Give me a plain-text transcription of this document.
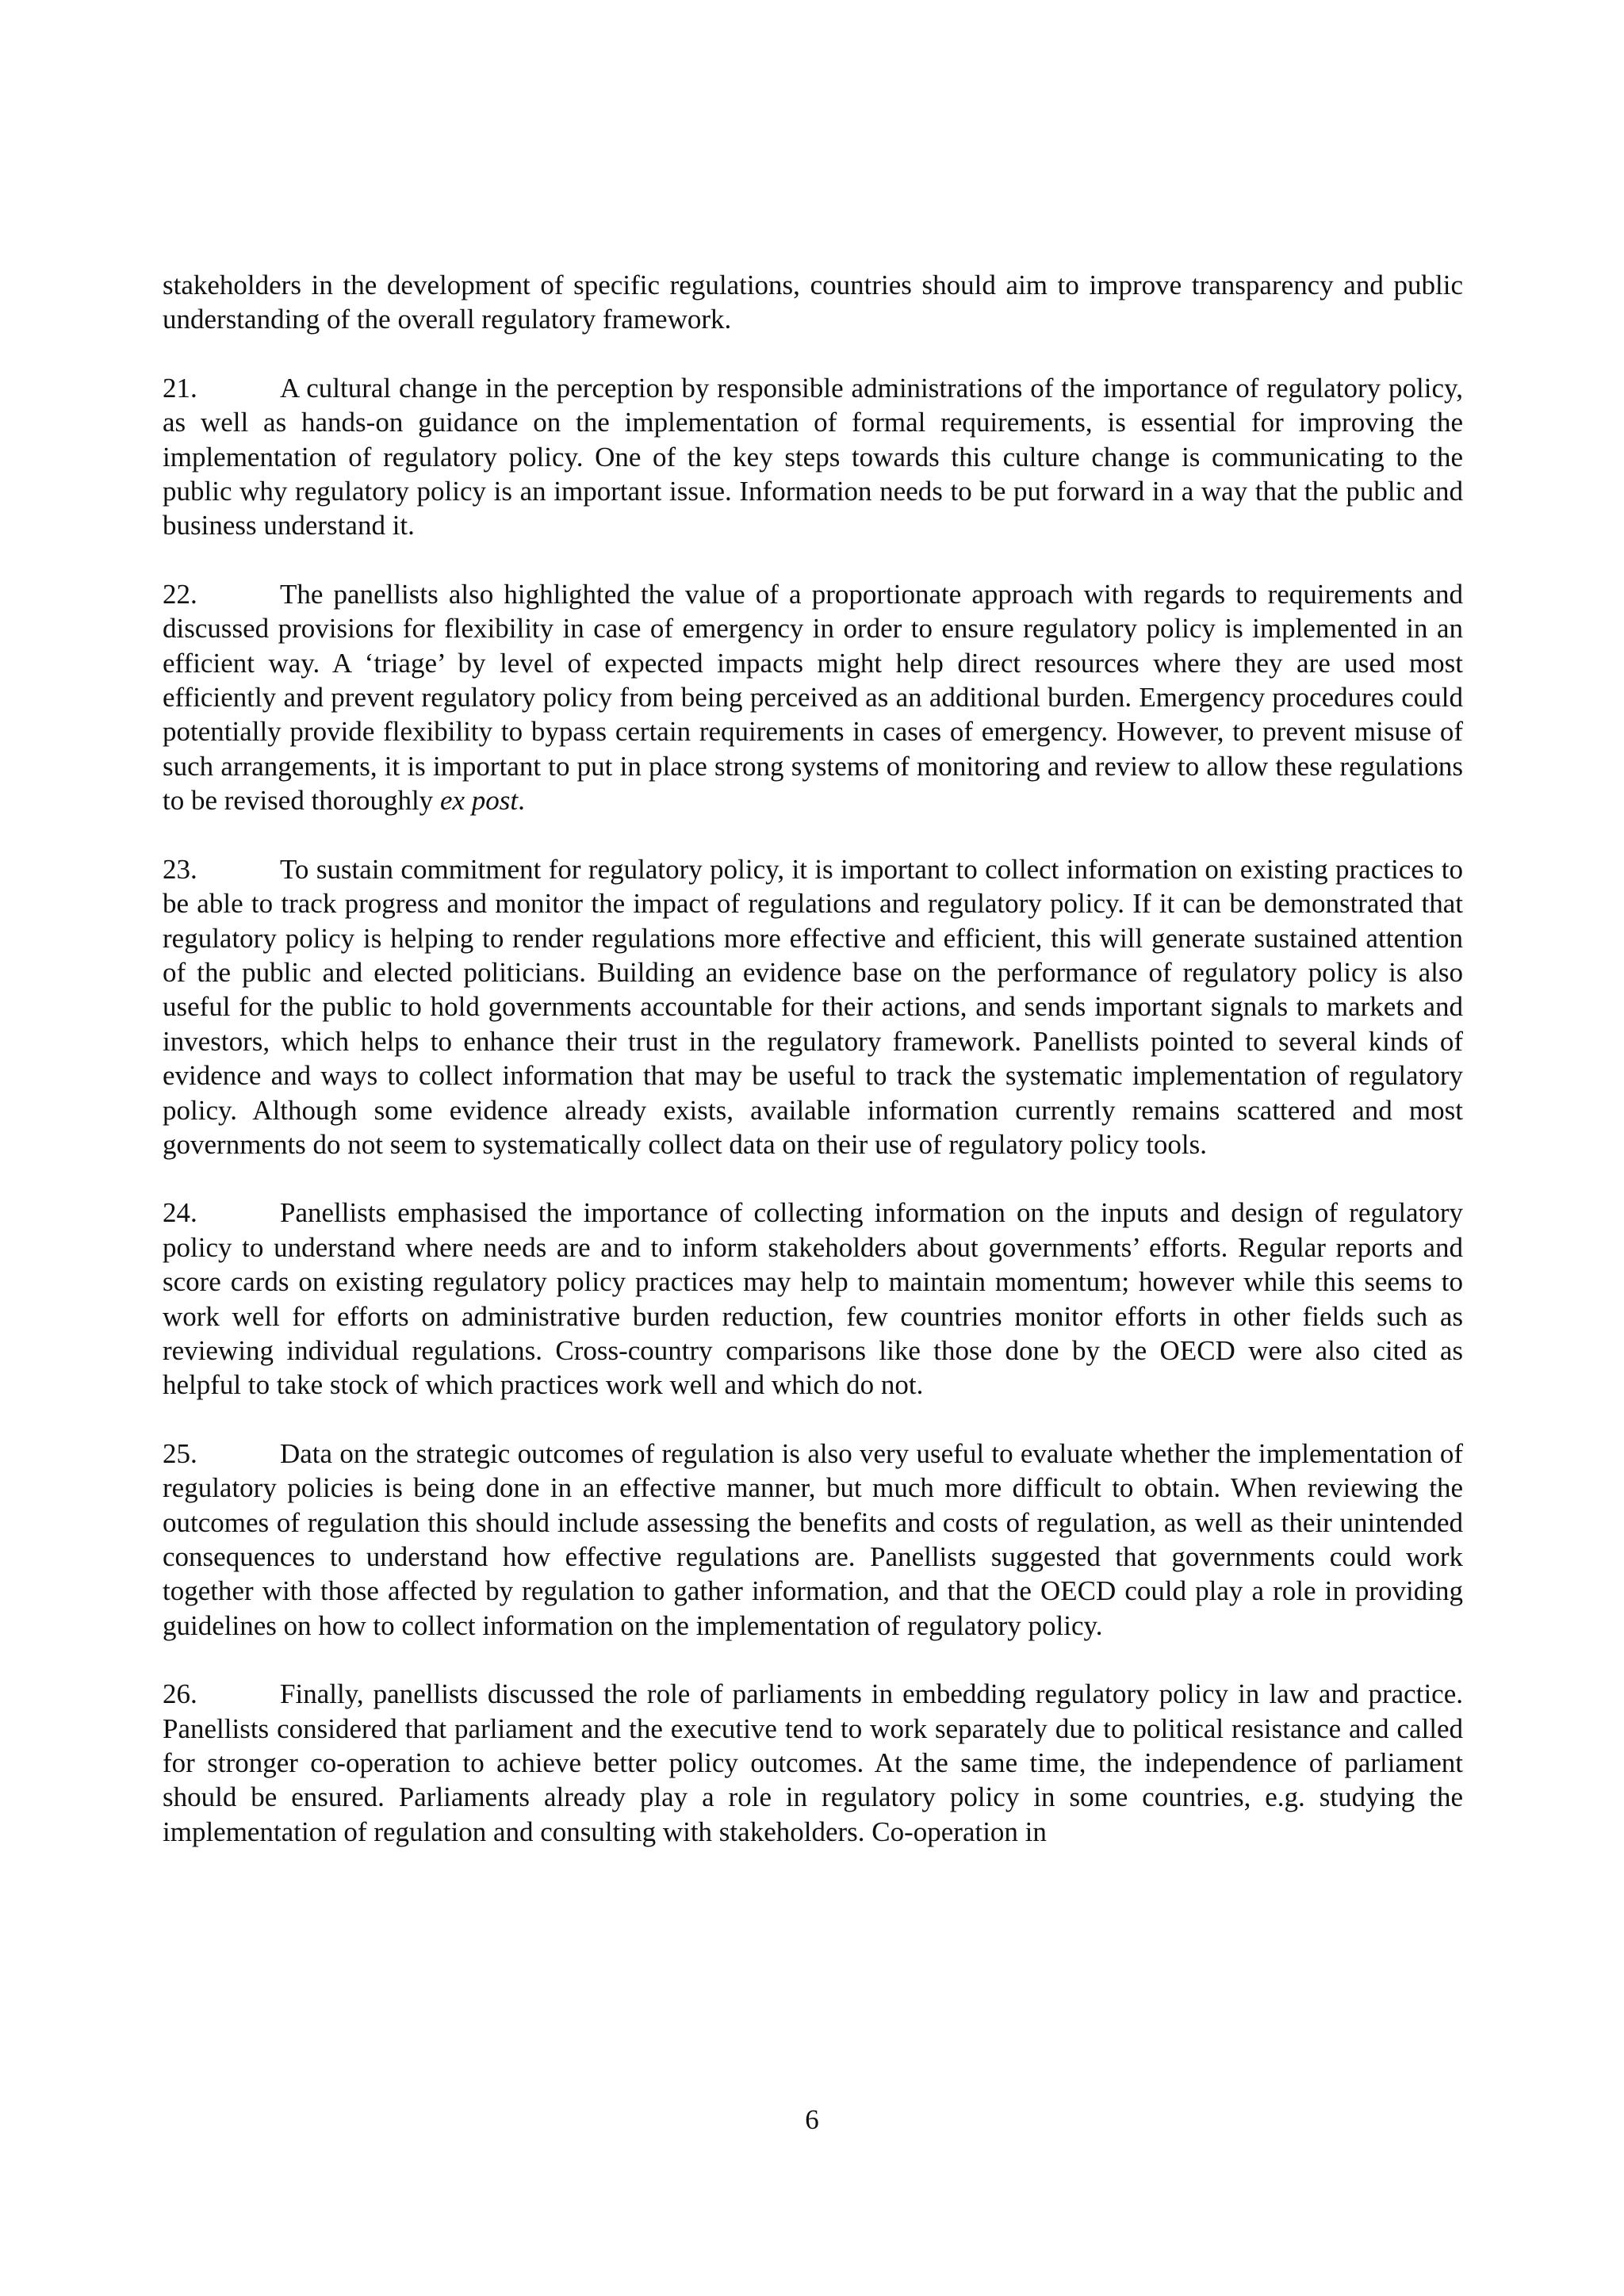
stakeholders in the development of specific regulations, countries should aim to improve transparency and public understanding of the overall regulatory framework.

21.	A cultural change in the perception by responsible administrations of the importance of regulatory policy, as well as hands-on guidance on the implementation of formal requirements, is essential for improving the implementation of regulatory policy. One of the key steps towards this culture change is communicating to the public why regulatory policy is an important issue. Information needs to be put forward in a way that the public and business understand it.

22.	The panellists also highlighted the value of a proportionate approach with regards to requirements and discussed provisions for flexibility in case of emergency in order to ensure regulatory policy is implemented in an efficient way. A ‘triage’ by level of expected impacts might help direct resources where they are used most efficiently and prevent regulatory policy from being perceived as an additional burden. Emergency procedures could potentially provide flexibility to bypass certain requirements in cases of emergency. However, to prevent misuse of such arrangements, it is important to put in place strong systems of monitoring and review to allow these regulations to be revised thoroughly ex post.

23.	To sustain commitment for regulatory policy, it is important to collect information on existing practices to be able to track progress and monitor the impact of regulations and regulatory policy. If it can be demonstrated that regulatory policy is helping to render regulations more effective and efficient, this will generate sustained attention of the public and elected politicians. Building an evidence base on the performance of regulatory policy is also useful for the public to hold governments accountable for their actions, and sends important signals to markets and investors, which helps to enhance their trust in the regulatory framework. Panellists pointed to several kinds of evidence and ways to collect information that may be useful to track the systematic implementation of regulatory policy. Although some evidence already exists, available information currently remains scattered and most governments do not seem to systematically collect data on their use of regulatory policy tools.

24.	Panellists emphasised the importance of collecting information on the inputs and design of regulatory policy to understand where needs are and to inform stakeholders about governments’ efforts. Regular reports and score cards on existing regulatory policy practices may help to maintain momentum; however while this seems to work well for efforts on administrative burden reduction, few countries monitor efforts in other fields such as reviewing individual regulations. Cross-country comparisons like those done by the OECD were also cited as helpful to take stock of which practices work well and which do not.

25.	Data on the strategic outcomes of regulation is also very useful to evaluate whether the implementation of regulatory policies is being done in an effective manner, but much more difficult to obtain. When reviewing the outcomes of regulation this should include assessing the benefits and costs of regulation, as well as their unintended consequences to understand how effective regulations are. Panellists suggested that governments could work together with those affected by regulation to gather information, and that the OECD could play a role in providing guidelines on how to collect information on the implementation of regulatory policy.

26.	Finally, panellists discussed the role of parliaments in embedding regulatory policy in law and practice. Panellists considered that parliament and the executive tend to work separately due to political resistance and called for stronger co-operation to achieve better policy outcomes. At the same time, the independence of parliament should be ensured. Parliaments already play a role in regulatory policy in some countries, e.g. studying the implementation of regulation and consulting with stakeholders. Co-operation in

6
